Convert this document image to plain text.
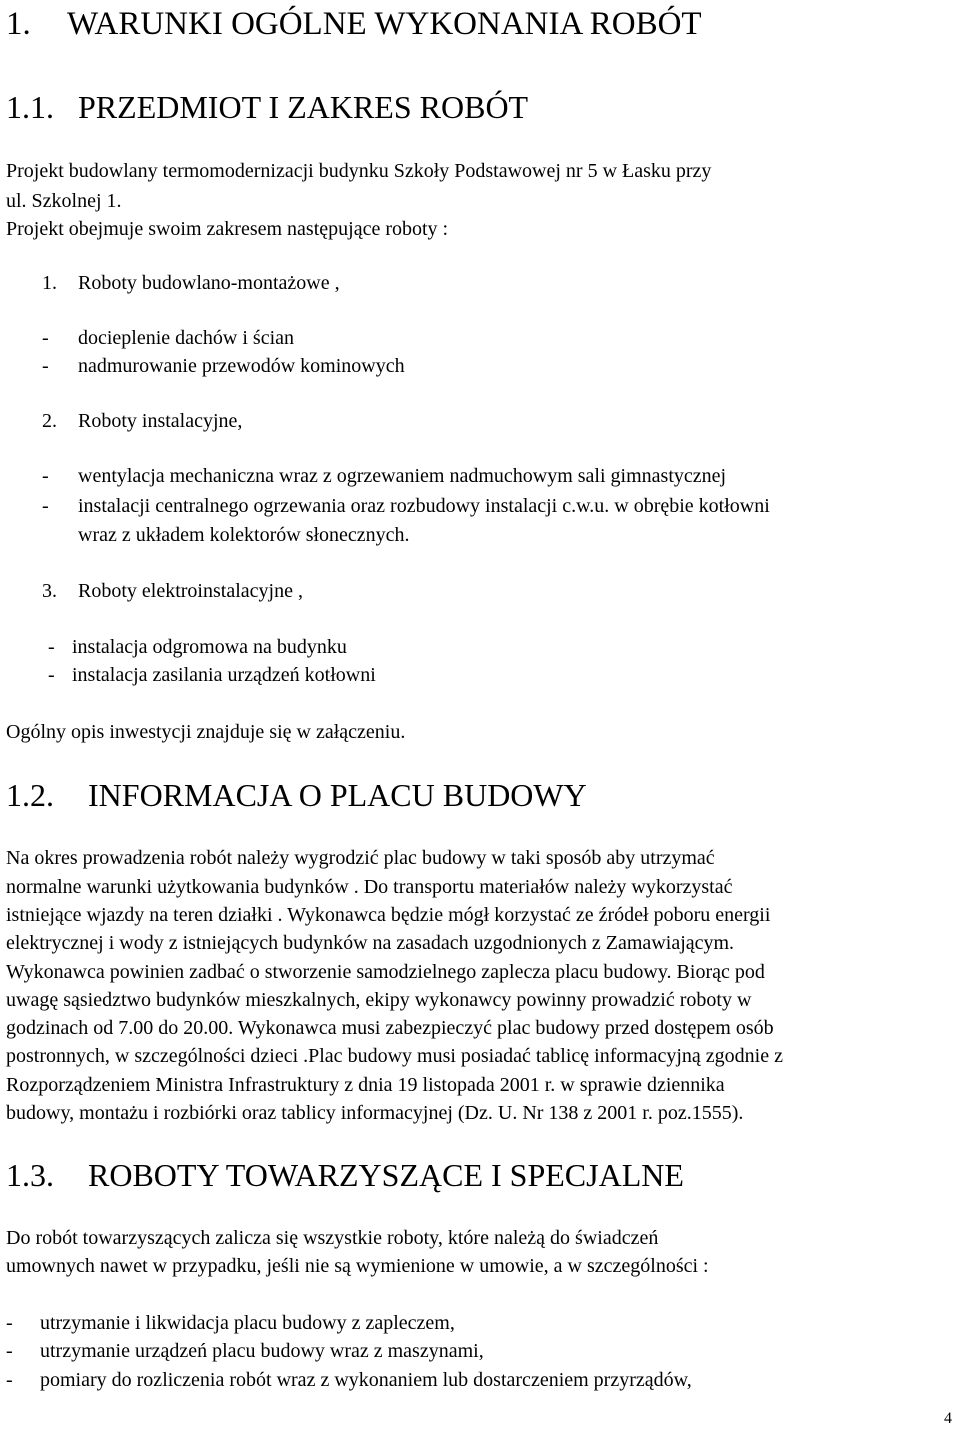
1. WARUNKI OGÓLNE WYKONANIA ROBÓT
1.1. PRZEDMIOT I ZAKRES ROBÓT
Projekt budowlany termomodernizacji budynku Szkoły Podstawowej nr 5 w Łasku przy
ul. Szkolnej 1.
Projekt obejmuje swoim zakresem następujące roboty :
1. Roboty budowlano-montażowe ,
- docieplenie dachów i ścian
- nadmurowanie przewodów kominowych
2. Roboty instalacyjne,
- wentylacja mechaniczna wraz z ogrzewaniem nadmuchowym sali gimnastycznej
- instalacji centralnego ogrzewania oraz rozbudowy instalacji c.w.u. w obrębie kotłowni
wraz z układem kolektorów słonecznych.
3. Roboty elektroinstalacyjne ,
- instalacja odgromowa na budynku
- instalacja zasilania urządzeń kotłowni
Ogólny opis inwestycji znajduje się w załączeniu.
1.2. INFORMACJA O PLACU BUDOWY
Na okres prowadzenia robót należy wygrodzić plac budowy w taki sposób aby utrzymać
normalne warunki użytkowania budynków . Do transportu materiałów należy wykorzystać
istniejące wjazdy na teren działki . Wykonawca będzie mógł korzystać ze źródeł poboru energii
elektrycznej i wody z istniejących budynków na zasadach uzgodnionych z Zamawiającym.
Wykonawca powinien zadbać o stworzenie samodzielnego zaplecza placu budowy. Biorąc pod
uwagę sąsiedztwo budynków mieszkalnych, ekipy wykonawcy powinny prowadzić roboty w
godzinach od 7.00 do 20.00. Wykonawca musi zabezpieczyć plac budowy przed dostępem osób
postronnych, w szczególności dzieci .Plac budowy musi posiadać tablicę informacyjną zgodnie z
Rozporządzeniem Ministra Infrastruktury z dnia 19 listopada 2001 r. w sprawie dziennika
budowy, montażu i rozbiórki oraz tablicy informacyjnej (Dz. U. Nr 138 z 2001 r. poz.1555).
1.3. ROBOTY TOWARZYSZĄCE I SPECJALNE
Do robót towarzyszących zalicza się wszystkie roboty, które należą do świadczeń
umownych nawet w przypadku, jeśli nie są wymienione w umowie, a w szczególności :
- utrzymanie i likwidacja placu budowy z zapleczem,
- utrzymanie urządzeń placu budowy wraz z maszynami,
- pomiary do rozliczenia robót wraz z wykonaniem lub dostarczeniem przyrządów,
4
